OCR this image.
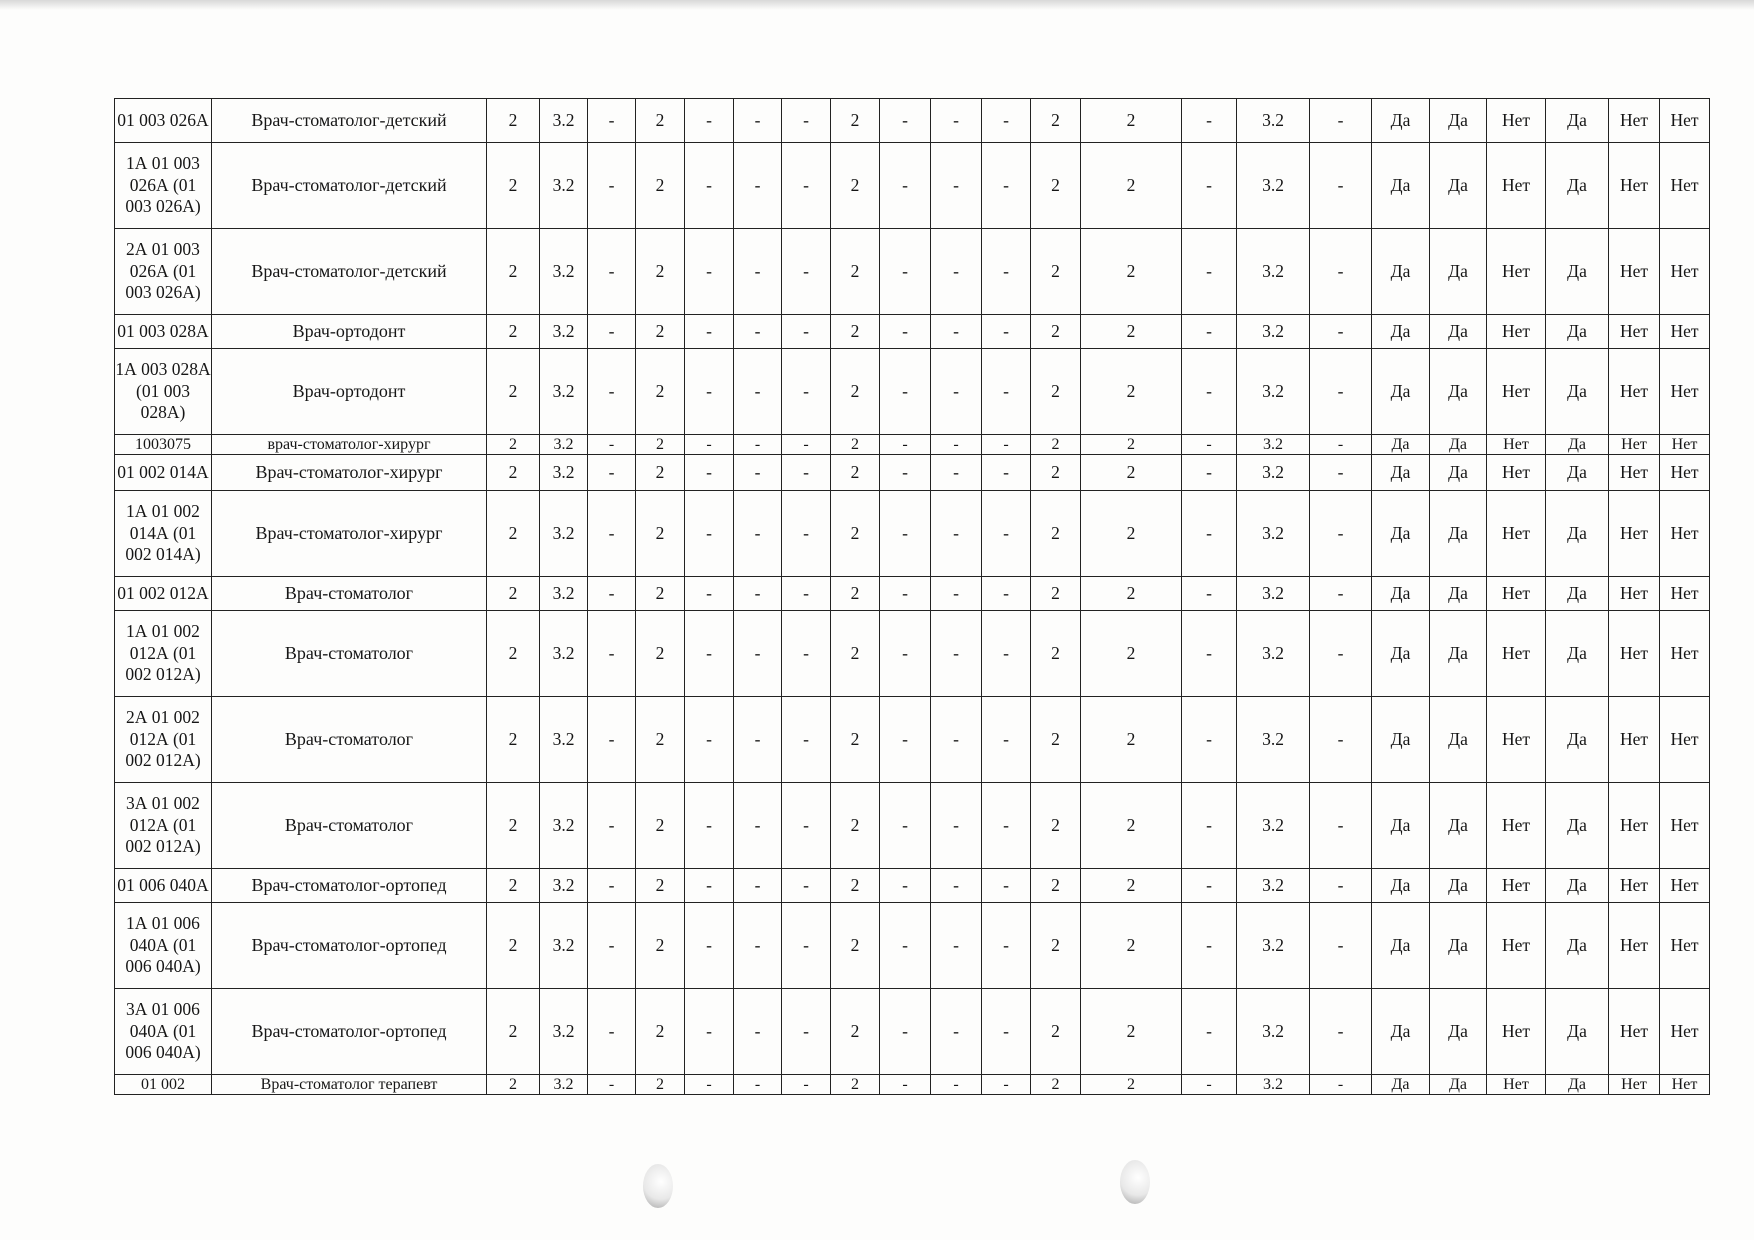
01 003 026A	Врач-стоматолог-детский	2	3.2	-	2	-	-	-	2	-	-	-	2	2	-	3.2	-	Да	Да	Нет	Да	Нет	Нет
1А 01 003 026А (01 003 026А)	Врач-стоматолог-детский	2	3.2	-	2	-	-	-	2	-	-	-	2	2	-	3.2	-	Да	Да	Нет	Да	Нет	Нет
2А 01 003 026А (01 003 026А)	Врач-стоматолог-детский	2	3.2	-	2	-	-	-	2	-	-	-	2	2	-	3.2	-	Да	Да	Нет	Да	Нет	Нет
01 003 028А	Врач-ортодонт	2	3.2	-	2	-	-	-	2	-	-	-	2	2	-	3.2	-	Да	Да	Нет	Да	Нет	Нет
1А 003 028А (01 003 028А)	Врач-ортодонт	2	3.2	-	2	-	-	-	2	-	-	-	2	2	-	3.2	-	Да	Да	Нет	Да	Нет	Нет
1003075	врач-стоматолог-хирург	2	3.2	-	2	-	-	-	2	-	-	-	2	2	-	3.2	-	Да	Да	Нет	Да	Нет	Нет
01 002 014А	Врач-стоматолог-хирург	2	3.2	-	2	-	-	-	2	-	-	-	2	2	-	3.2	-	Да	Да	Нет	Да	Нет	Нет
1А 01 002 014А (01 002 014А)	Врач-стоматолог-хирург	2	3.2	-	2	-	-	-	2	-	-	-	2	2	-	3.2	-	Да	Да	Нет	Да	Нет	Нет
01 002 012А	Врач-стоматолог	2	3.2	-	2	-	-	-	2	-	-	-	2	2	-	3.2	-	Да	Да	Нет	Да	Нет	Нет
1А 01 002 012А (01 002 012А)	Врач-стоматолог	2	3.2	-	2	-	-	-	2	-	-	-	2	2	-	3.2	-	Да	Да	Нет	Да	Нет	Нет
2А 01 002 012А (01 002 012А)	Врач-стоматолог	2	3.2	-	2	-	-	-	2	-	-	-	2	2	-	3.2	-	Да	Да	Нет	Да	Нет	Нет
3А 01 002 012А (01 002 012А)	Врач-стоматолог	2	3.2	-	2	-	-	-	2	-	-	-	2	2	-	3.2	-	Да	Да	Нет	Да	Нет	Нет
01 006 040А	Врач-стоматолог-ортопед	2	3.2	-	2	-	-	-	2	-	-	-	2	2	-	3.2	-	Да	Да	Нет	Да	Нет	Нет
1А 01 006 040А (01 006 040А)	Врач-стоматолог-ортопед	2	3.2	-	2	-	-	-	2	-	-	-	2	2	-	3.2	-	Да	Да	Нет	Да	Нет	Нет
3А 01 006 040А (01 006 040А)	Врач-стоматолог-ортопед	2	3.2	-	2	-	-	-	2	-	-	-	2	2	-	3.2	-	Да	Да	Нет	Да	Нет	Нет
01 002	Врач-стоматолог терапевт	2	3.2	-	2	-	-	-	2	-	-	-	2	2	-	3.2	-	Да	Да	Нет	Да	Нет	Нет
